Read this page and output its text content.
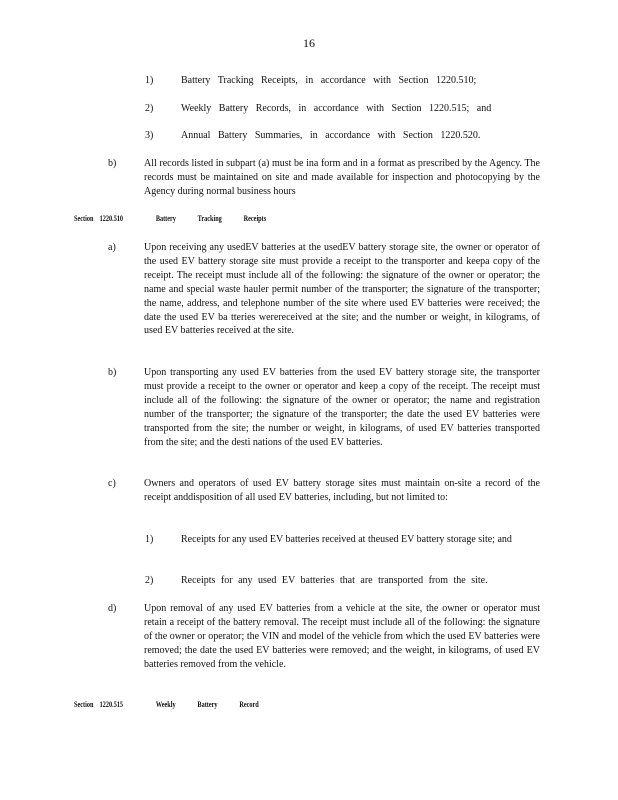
16
1)	Battery Tracking Receipts, in accordance with Section 1220.510;
2)	Weekly Battery Records, in accordance with Section 1220.515; and
3)	Annual Battery Summaries, in accordance with Section 1220.520.
b)	All records listed in subpart (a) must be ina form and in a format as prescribed by the Agency. The records must be maintained on site and made available for inspection and photocopying by the Agency during normal business hours
Section 1220.510	Battery Tracking Receipts
a)	Upon receiving any usedEV batteries at the usedEV battery storage site, the owner or operator of the used EV battery storage site must provide a receipt to the transporter and keepa copy of the receipt. The receipt must include all of the following: the signature of the owner or operator; the name and special waste hauler permit number of the transporter; the signature of the transporter; the name, address, and telephone number of the site where used EV batteries were received; the date the used EV ba tteries werereceived at the site; and the number or weight, in kilograms, of used EV batteries received at the site.
b)	Upon transporting any used EV batteries from the used EV battery storage site, the transporter must provide a receipt to the owner or operator and keep a copy of the receipt. The receipt must include all of the following: the signature of the owner or operator; the name and registration number of the transporter; the signature of the transporter; the date the used EV batteries were transported from the site; the number or weight, in kilograms, of used EV batteries transported from the site; and the desti nations of the used EV batteries.
c)	Owners and operators of used EV battery storage sites must maintain on-site a record of the receipt anddisposition of all used EV batteries, including, but not limited to:
1)	Receipts for any used EV batteries received at theused EV battery storage site; and
2)	Receipts for any used EV batteries that are transported from the site.
d)	Upon removal of any used EV batteries from a vehicle at the site, the owner or operator must retain a receipt of the battery removal. The receipt must include all of the following: the signature of the owner or operator; the VIN and model of the vehicle from which the used EV batteries were removed; the date the used EV batteries were removed; and the weight, in kilograms, of used EV batteries removed from the vehicle.
Section 1220.515	Weekly Battery Record
